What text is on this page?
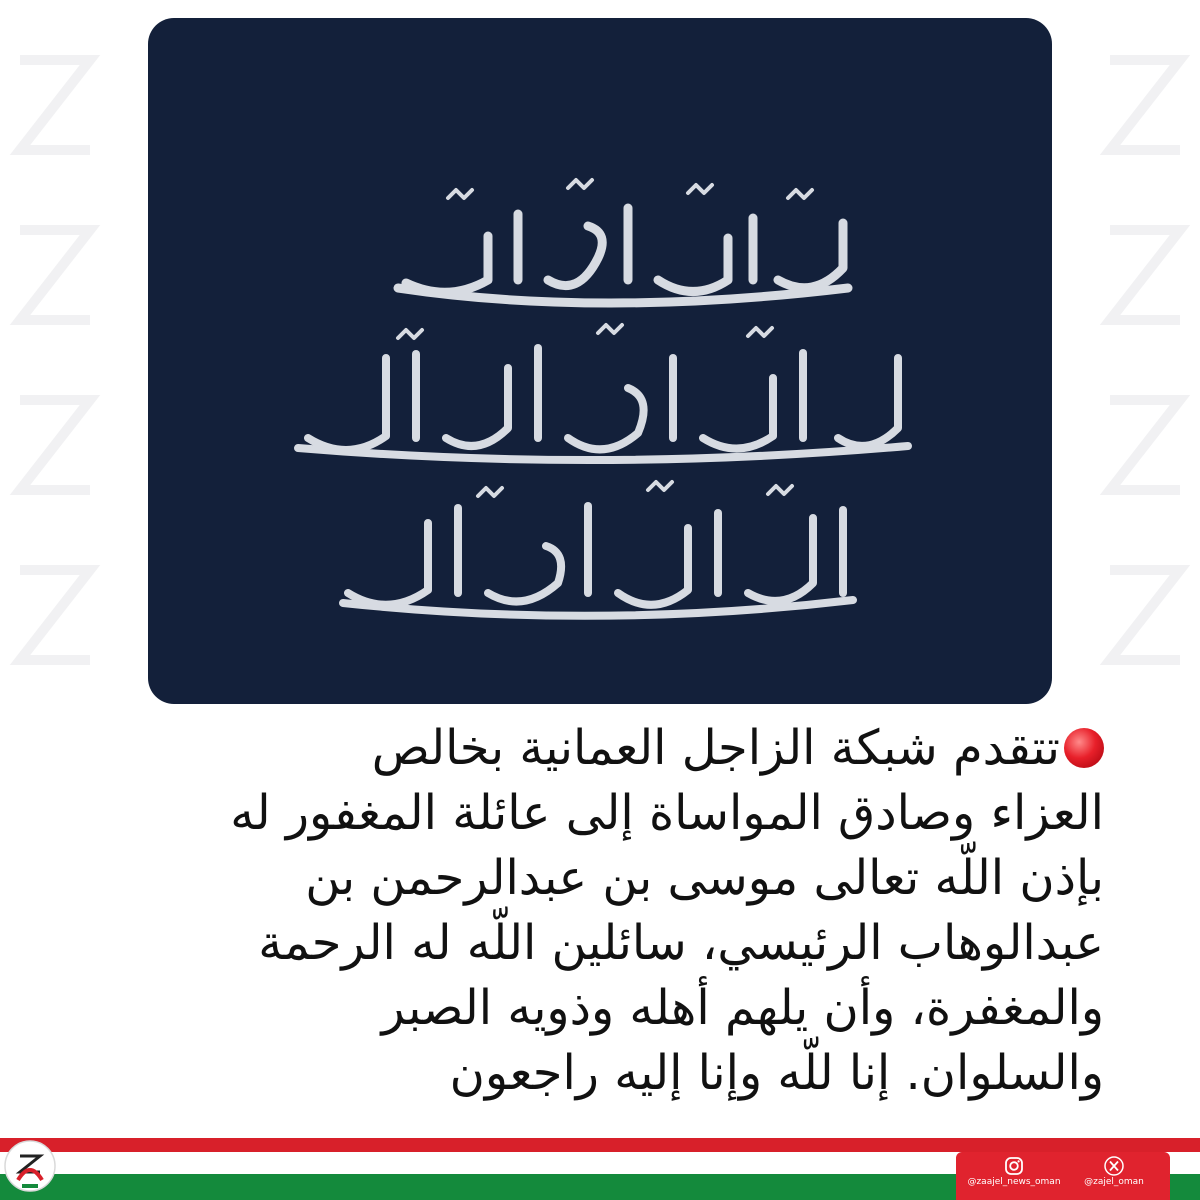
تتقدم شبكة الزاجل العمانية بخالص
العزاء وصادق المواساة إلى عائلة المغفور له
بإذن اللّه تعالى موسى بن عبدالرحمن بن
عبدالوهاب الرئيسي، سائلين اللّه له الرحمة
والمغفرة، وأن يلهم أهله وذويه الصبر
والسلوان. إنا للّه وإنا إليه راجعون
@zaajel_news_oman	@zajel_oman
